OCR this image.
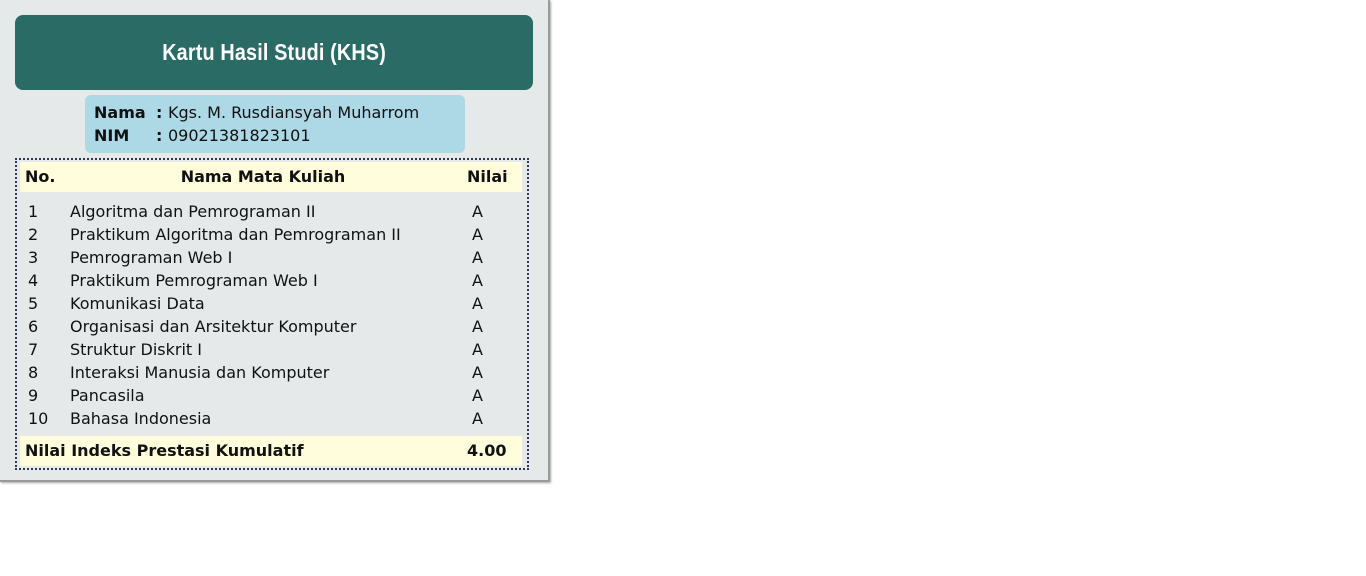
Kartu Hasil Studi (KHS)
Nama : Kgs. M. Rusdiansyah Muharrom
NIM : 09021381823101
No.	Nama Mata Kuliah	Nilai
1 Algoritma dan Pemrograman II	A
2 Praktikum Algoritma dan Pemrograman II	A
3 Pemrograman Web I	A
4 Praktikum Pemrograman Web I	A
5 Komunikasi Data	A
6 Organisasi dan Arsitektur Komputer	A
7 Struktur Diskrit I	A
8 Interaksi Manusia dan Komputer	A
9 Pancasila	A
10 Bahasa Indonesia	A
Nilai Indeks Prestasi Kumulatif	4.00
